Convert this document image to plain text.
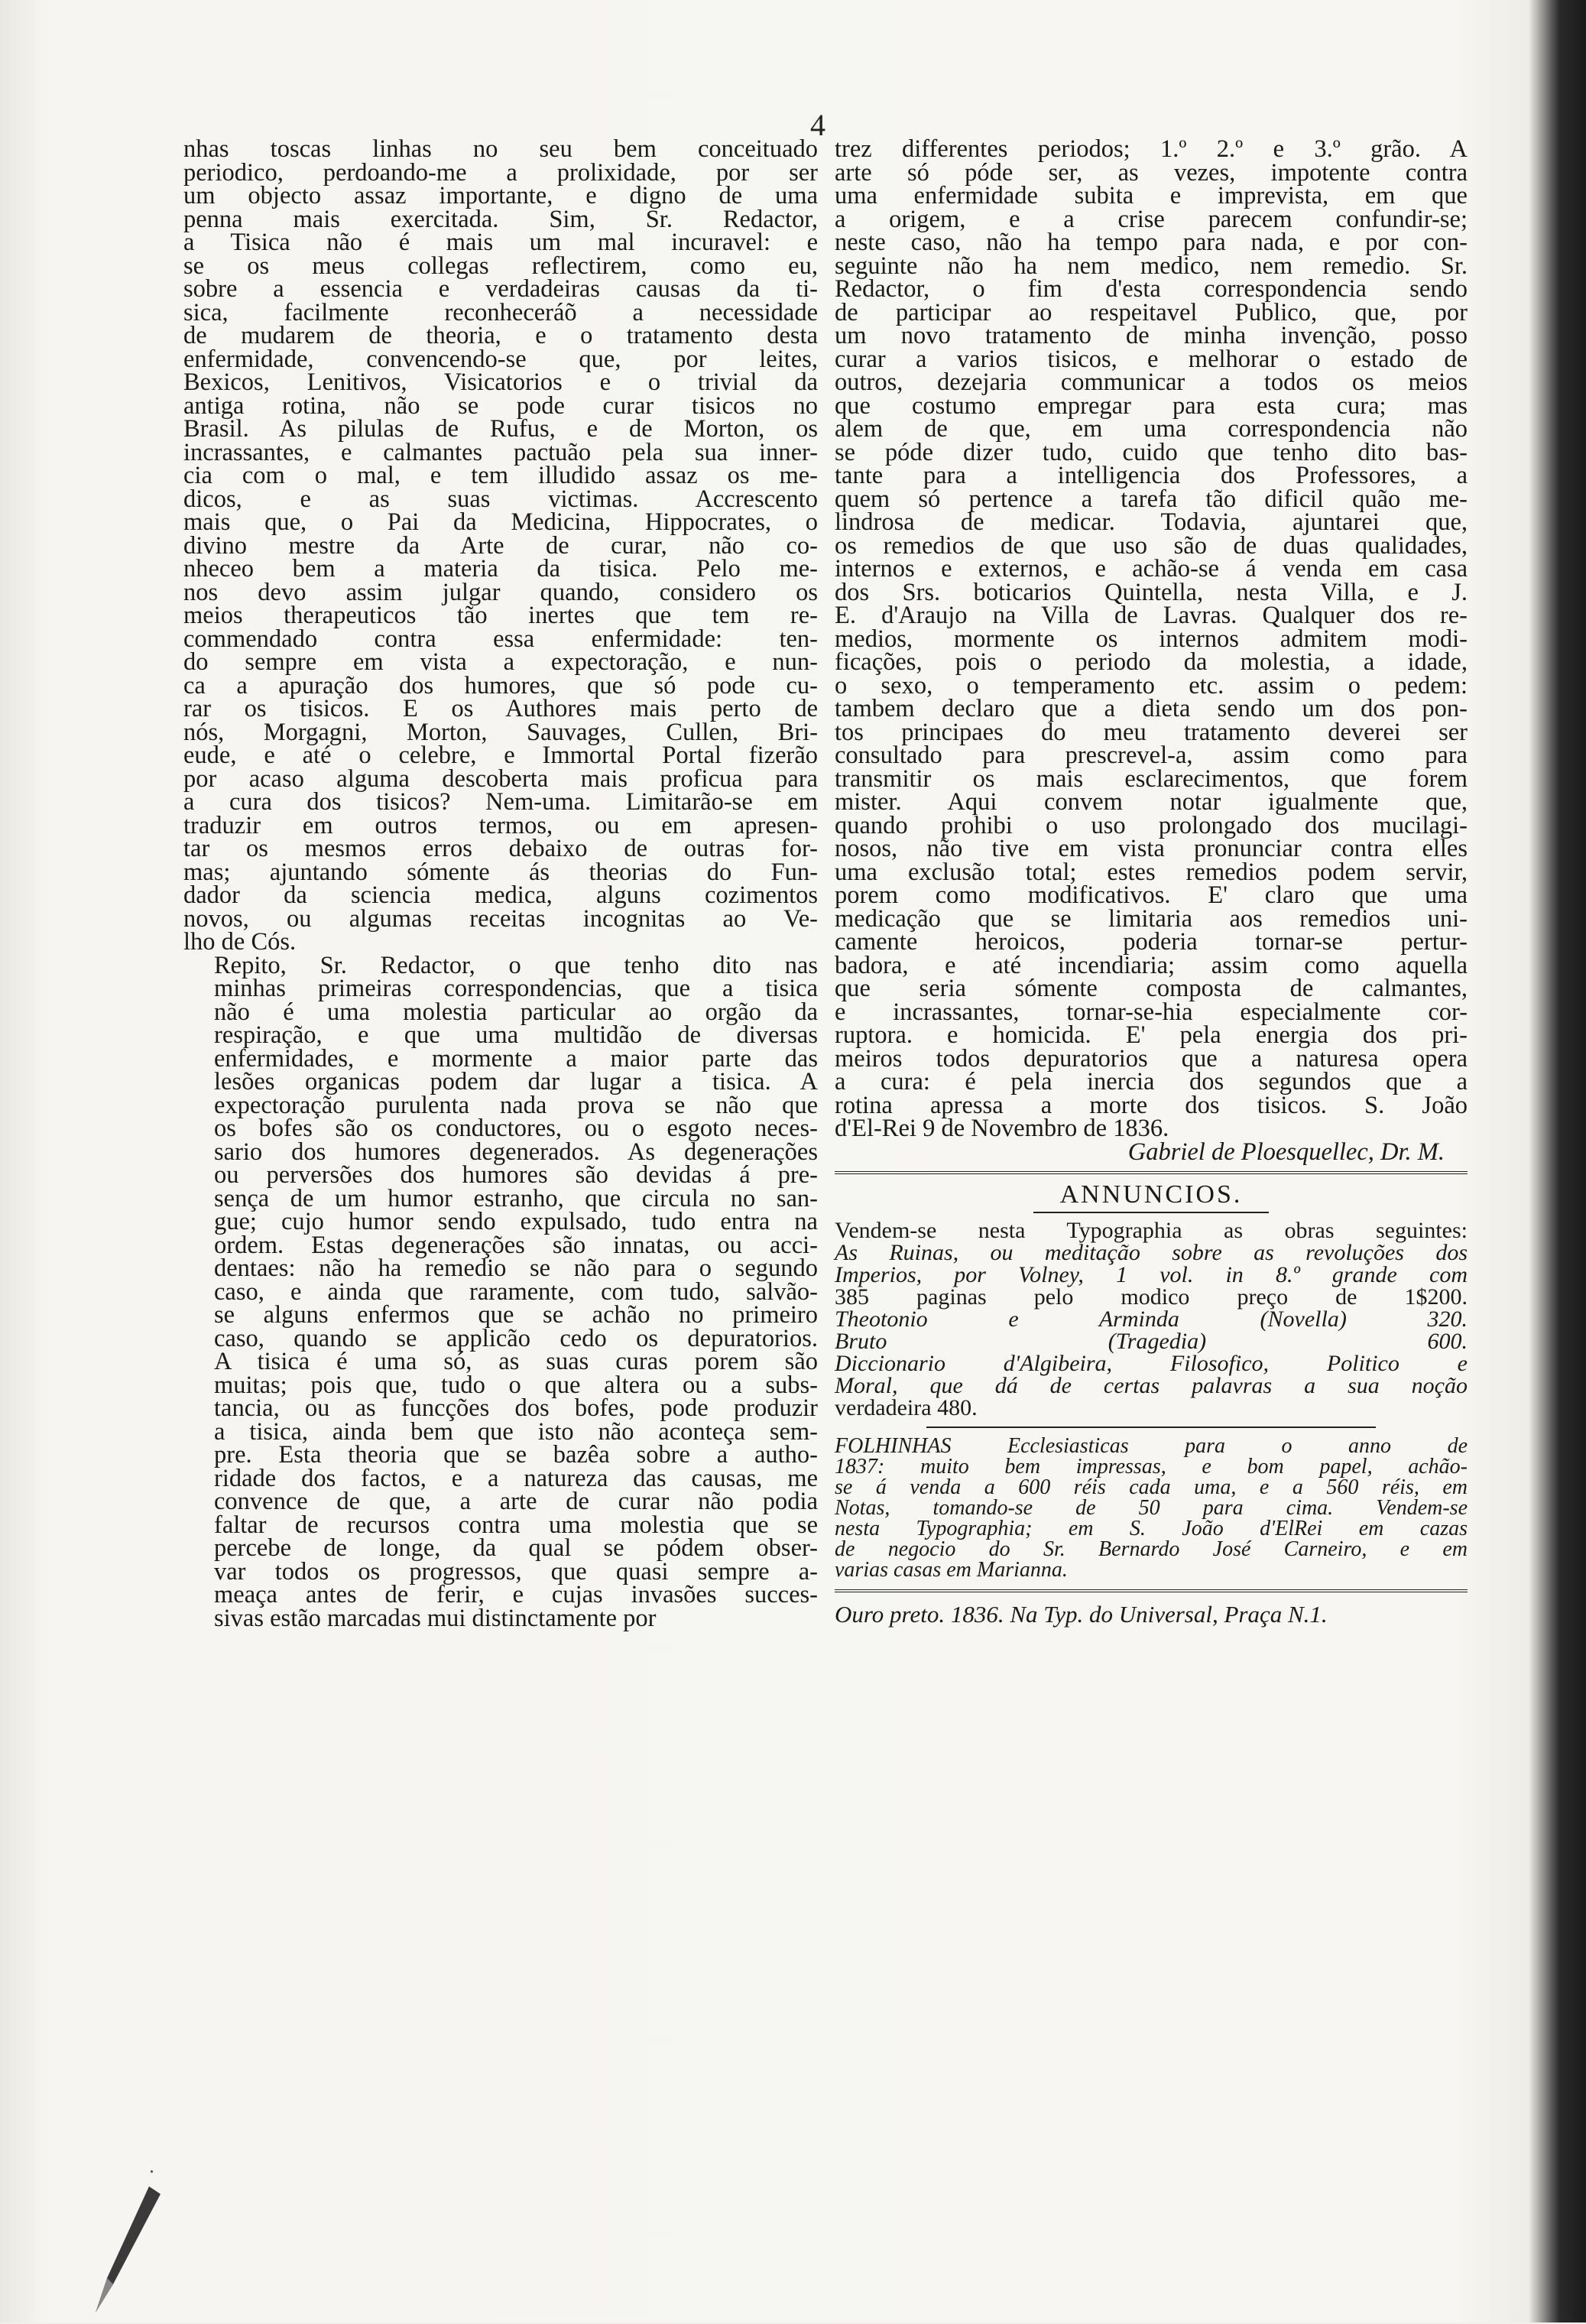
4

nhas toscas linhas no seu bem conceituado
periodico, perdoando-me a prolixidade, por ser
um objecto assaz importante, e digno de uma
penna mais exercitada. Sim, Sr. Redactor,
a Tisica não é mais um mal incuravel: e
se os meus collegas reflectirem, como eu,
sobre a essencia e verdadeiras causas da ti-
sica, facilmente reconheceráõ a necessidade
de mudarem de theoria, e o tratamento desta
enfermidade, convencendo-se que, por leites,
Bexicos, Lenitivos, Visicatorios e o trivial da
antiga rotina, não se pode curar tisicos no
Brasil. As pilulas de Rufus, e de Morton, os
incrassantes, e calmantes pactuão pela sua inner-
cia com o mal, e tem illudido assaz os me-
dicos, e as suas victimas. Accrescento
mais que, o Pai da Medicina, Hippocrates, o
divino mestre da Arte de curar, não co-
nheceo bem a materia da tisica. Pelo me-
nos devo assim julgar quando, considero os
meios therapeuticos tão inertes que tem re-
commendado contra essa enfermidade: ten-
do sempre em vista a expectoração, e nun-
ca a apuração dos humores, que só pode cu-
rar os tisicos. E os Authores mais perto de
nós, Morgagni, Morton, Sauvages, Cullen, Bri-
eude, e até o celebre, e Immortal Portal fizerão
por acaso alguma descoberta mais proficua para
a cura dos tisicos? Nem-uma. Limitarão-se em
traduzir em outros termos, ou em apresen-
tar os mesmos erros debaixo de outras for-
mas; ajuntando sómente ás theorias do Fun-
dador da sciencia medica, alguns cozimentos
novos, ou algumas receitas incognitas ao Ve-
lho de Cós.

Repito, Sr. Redactor, o que tenho dito nas
minhas primeiras correspondencias, que a tisica
não é uma molestia particular ao orgão da
respiração, e que uma multidão de diversas
enfermidades, e mormente a maior parte das
lesões organicas podem dar lugar a tisica. A
expectoração purulenta nada prova se não que
os bofes são os conductores, ou o esgoto neces-
sario dos humores degenerados. As degenerações
ou perversões dos humores são devidas á pre-
sença de um humor estranho, que circula no san-
gue; cujo humor sendo expulsado, tudo entra na
ordem. Estas degenerações são innatas, ou acci-
dentaes: não ha remedio se não para o segundo
caso, e ainda que raramente, com tudo, salvão-
se alguns enfermos que se achão no primeiro
caso, quando se applicão cedo os depuratorios.
A tisica é uma só, as suas curas porem são
muitas; pois que, tudo o que altera ou a subs-
tancia, ou as funcções dos bofes, pode produzir
a tisica, ainda bem que isto não aconteça sem-
pre. Esta theoria que se bazêa sobre a autho-
ridade dos factos, e a natureza das causas, me
convence de que, a arte de curar não podia
faltar de recursos contra uma molestia que se
percebe de longe, da qual se pódem obser-
var todos os progressos, que quasi sempre a-
meaça antes de ferir, e cujas invasões succes-
sivas estão marcadas mui distinctamente por

trez differentes periodos; 1.º 2.º e 3.º grão. A
arte só póde ser, as vezes, impotente contra
uma enfermidade subita e imprevista, em que
a origem, e a crise parecem confundir-se;
neste caso, não ha tempo para nada, e por con-
seguinte não ha nem medico, nem remedio. Sr.
Redactor, o fim d'esta correspondencia sendo
de participar ao respeitavel Publico, que, por
um novo tratamento de minha invenção, posso
curar a varios tisicos, e melhorar o estado de
outros, dezejaria communicar a todos os meios
que costumo empregar para esta cura; mas
alem de que, em uma correspondencia não
se póde dizer tudo, cuido que tenho dito bas-
tante para a intelligencia dos Professores, a
quem só pertence a tarefa tão dificil quão me-
lindrosa de medicar. Todavia, ajuntarei que,
os remedios de que uso são de duas qualidades,
internos e externos, e achão-se á venda em casa
dos Srs. boticarios Quintella, nesta Villa, e J.
E. d'Araujo na Villa de Lavras. Qualquer dos re-
medios, mormente os internos admitem modi-
ficações, pois o periodo da molestia, a idade,
o sexo, o temperamento etc. assim o pedem:
tambem declaro que a dieta sendo um dos pon-
tos principaes do meu tratamento deverei ser
consultado para prescrevel-a, assim como para
transmitir os mais esclarecimentos, que forem
mister. Aqui convem notar igualmente que,
quando prohibi o uso prolongado dos mucilagi-
nosos, não tive em vista pronunciar contra elles
uma exclusão total; estes remedios podem servir,
porem como modificativos. E' claro que uma
medicação que se limitaria aos remedios uni-
camente heroicos, poderia tornar-se pertur-
badora, e até incendiaria; assim como aquella
que seria sómente composta de calmantes,
e incrassantes, tornar-se-hia especialmente cor-
ruptora. e homicida. E' pela energia dos pri-
meiros todos depuratorios que a naturesa opera
a cura: é pela inercia dos segundos que a
rotina apressa a morte dos tisicos. S. João
d'El-Rei 9 de Novembro de 1836.

Gabriel de Ploesquellec, Dr. M.
ANNUNCIOS.
Vendem-se nesta Typographia as obras seguintes:
As Ruinas, ou meditação sobre as revoluções dos
Imperios, por Volney, 1 vol. in 8.º grande com
385 paginas pelo modico preço de 1$200.
Theotonio e Arminda (Novella) 320.
Bruto (Tragedia) 600.
Diccionario d'Algibeira, Filosofico, Politico e
Moral, que dá de certas palavras a sua noção
verdadeira 480.
FOLHINHAS Ecclesiasticas para o anno de
1837: muito bem impressas, e bom papel, achão-
se á venda a 600 réis cada uma, e a 560 réis, em
Notas, tomando-se de 50 para cima. Vendem-se
nesta Typographia; em S. João d'ElRei em cazas
de negocio do Sr. Bernardo José Carneiro, e em
varias casas em Marianna.
Ouro preto. 1836. Na Typ. do Universal, Praça N.1.
.
